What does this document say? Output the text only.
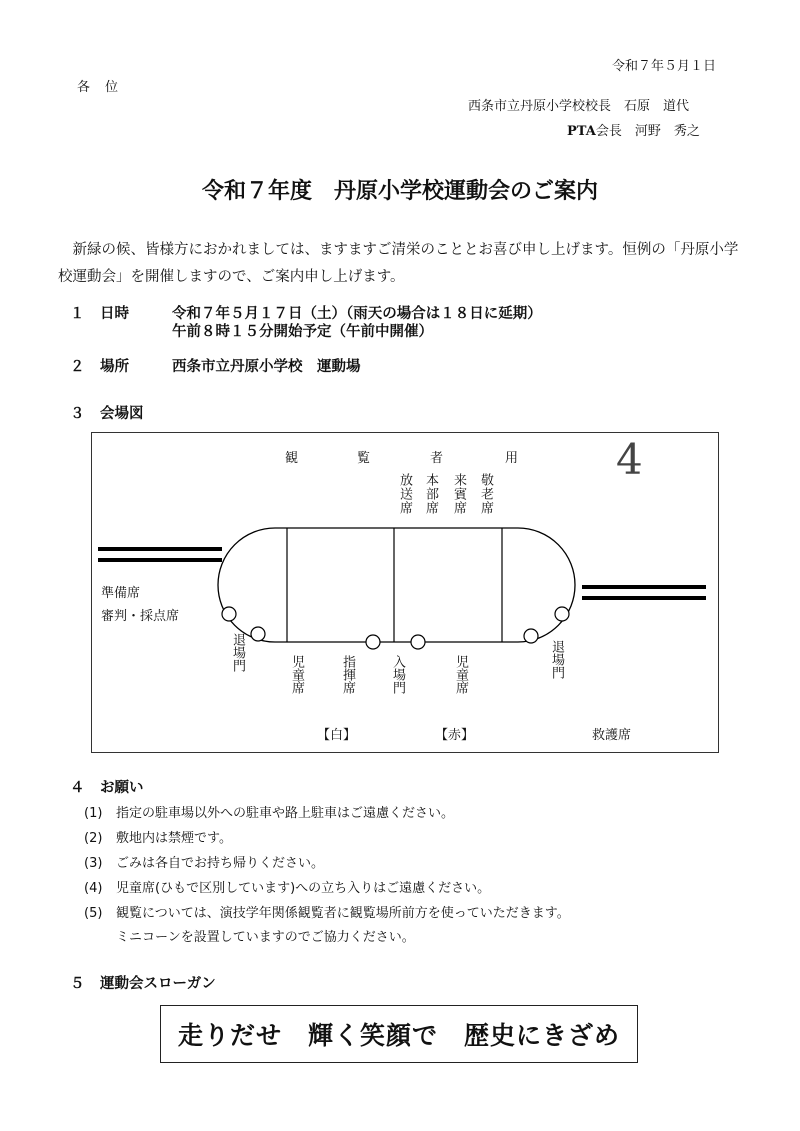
令和７年５月１日
各　位
西条市立丹原小学校校長　石原　道代
PTA会長　河野　秀之
令和７年度　丹原小学校運動会のご案内
新緑の候、皆様方におかれましては、ますますご清栄のこととお喜び申し上げます。恒例の「丹原小学校運動会」を開催しますので、ご案内申し上げます。
１ 日時	令和７年５月１７日（土）（雨天の場合は１８日に延期）
午前８時１５分開始予定（午前中開催）
２ 場所	西条市立丹原小学校　運動場
３ 会場図
観	覧	者	用 4
放送席 本部席 来賓席 敬老席
準備席
審判・採点席
退場門
児童席	指揮席	入場門	児童席	退場門
【白】	【赤】	救護席
４ お願い
(1) 指定の駐車場以外への駐車や路上駐車はご遠慮ください。
(2) 敷地内は禁煙です。
(3) ごみは各自でお持ち帰りください。
(4) 児童席(ひもで区別しています)への立ち入りはご遠慮ください。
(5) 観覧については、演技学年関係観覧者に観覧場所前方を使っていただきます。
ミニコーンを設置していますのでご協力ください。
５ 運動会スローガン
走りだせ　輝く笑顔で　歴史にきざめ
